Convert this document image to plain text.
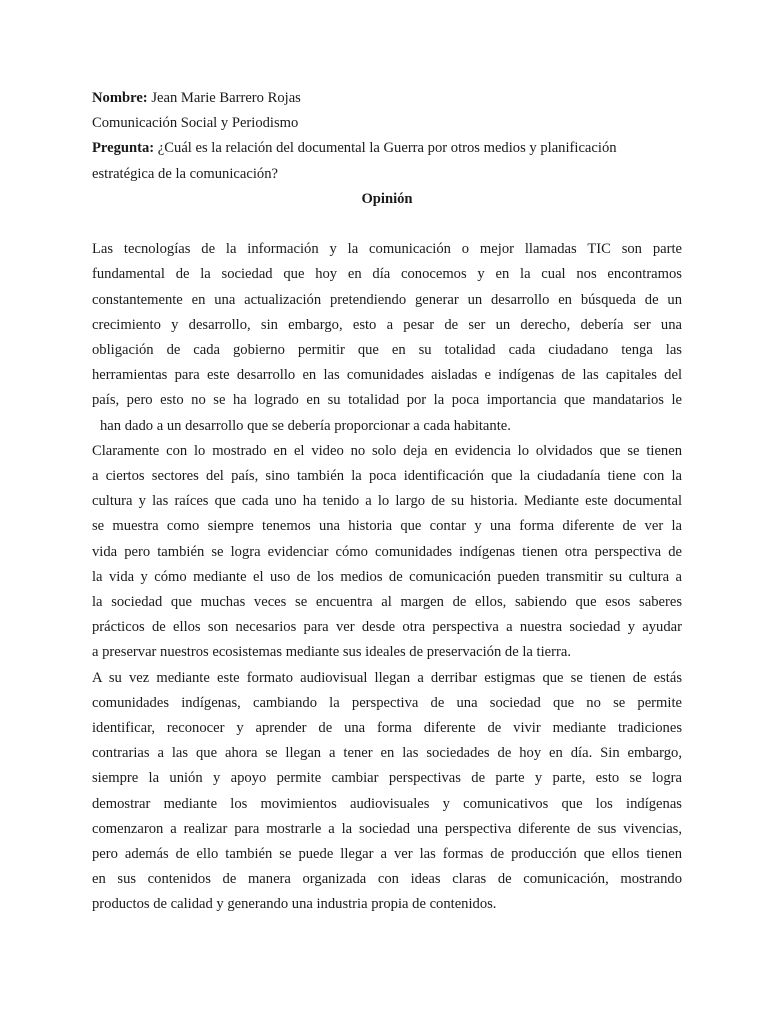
Nombre: Jean Marie Barrero Rojas
Comunicación Social y Periodismo
Pregunta: ¿Cuál es la relación del documental la Guerra por otros medios y planificación
estratégica de la comunicación?
Opinión

Las tecnologías de la información y la comunicación o mejor llamadas TIC son parte
fundamental de la sociedad que hoy en día conocemos y en la cual nos encontramos
constantemente en una actualización pretendiendo generar un desarrollo en búsqueda de un
crecimiento y desarrollo, sin embargo, esto a pesar de ser un derecho, debería ser una
obligación de cada gobierno permitir que en su totalidad cada ciudadano tenga las
herramientas para este desarrollo en las comunidades aisladas e indígenas de las capitales del
país, pero esto no se ha logrado en su totalidad por la poca importancia que mandatarios le
han dado a un desarrollo que se debería proporcionar a cada habitante.

Claramente con lo mostrado en el video no solo deja en evidencia lo olvidados que se tienen
a ciertos sectores del país, sino también la poca identificación que la ciudadanía tiene con la
cultura y las raíces que cada uno ha tenido a lo largo de su historia. Mediante este documental
se muestra como siempre tenemos una historia que contar y una forma diferente de ver la
vida pero también se logra evidenciar cómo comunidades indígenas tienen otra perspectiva de
la vida y cómo mediante el uso de los medios de comunicación pueden transmitir su cultura a
la sociedad que muchas veces se encuentra al margen de ellos, sabiendo que esos saberes
prácticos de ellos son necesarios para ver desde otra perspectiva a nuestra sociedad y ayudar
a preservar nuestros ecosistemas mediante sus ideales de preservación de la tierra.

A su vez mediante este formato audiovisual llegan a derribar estigmas que se tienen de estás
comunidades indígenas, cambiando la perspectiva de una sociedad que no se permite
identificar, reconocer y aprender de una forma diferente de vivir mediante tradiciones
contrarias a las que ahora se llegan a tener en las sociedades de hoy en día. Sin embargo,
siempre la unión y apoyo permite cambiar perspectivas de parte y parte, esto se logra
demostrar mediante los movimientos audiovisuales y comunicativos que los indígenas
comenzaron a realizar para mostrarle a la sociedad una perspectiva diferente de sus vivencias,
pero además de ello también se puede llegar a ver las formas de producción que ellos tienen
en sus contenidos de manera organizada con ideas claras de comunicación, mostrando
productos de calidad y generando una industria propia de contenidos.
